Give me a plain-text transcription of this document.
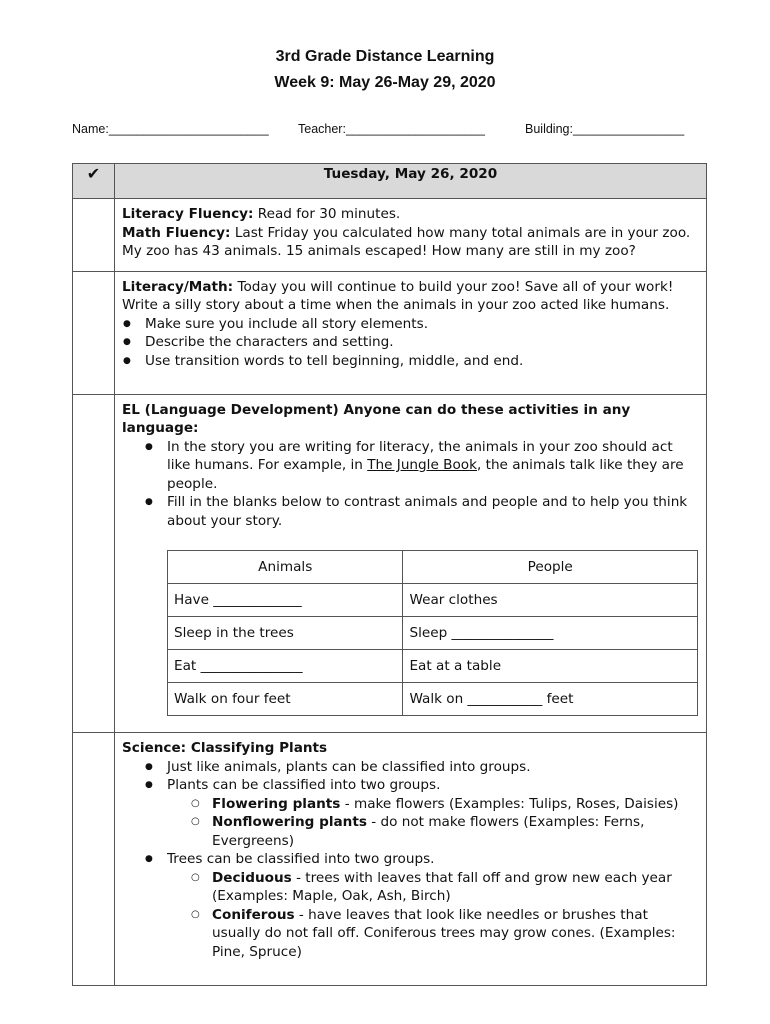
3rd Grade Distance Learning
Week 9: May 26-May 29, 2020
Name:_______________________ Teacher:____________________	Building:________________
✔	Tuesday, May 26, 2020

Literacy Fluency: Read for 30 minutes.
Math Fluency: Last Friday you calculated how many total animals are in your zoo. My zoo has 43 animals. 15 animals escaped! How many are still in my zoo?

Literacy/Math: Today you will continue to build your zoo! Save all of your work! Write a silly story about a time when the animals in your zoo acted like humans.
● Make sure you include all story elements.
● Describe the characters and setting.
● Use transition words to tell beginning, middle, and end.

EL (Language Development) Anyone can do these activities in any language:
● In the story you are writing for literacy, the animals in your zoo should act like humans. For example, in The Jungle Book, the animals talk like they are people.
● Fill in the blanks below to contrast animals and people and to help you think about your story.
Animals	People
Have _____________	Wear clothes
Sleep in the trees	Sleep _______________
Eat _______________	Eat at a table
Walk on four feet	Walk on ___________ feet

Science: Classifying Plants
● Just like animals, plants can be classified into groups.
● Plants can be classified into two groups.
○ Flowering plants - make flowers (Examples: Tulips, Roses, Daisies)
○ Nonflowering plants - do not make flowers (Examples: Ferns, Evergreens)
● Trees can be classified into two groups.
○ Deciduous - trees with leaves that fall off and grow new each year (Examples: Maple, Oak, Ash, Birch)
○ Coniferous - have leaves that look like needles or brushes that usually do not fall off. Coniferous trees may grow cones. (Examples: Pine, Spruce)
